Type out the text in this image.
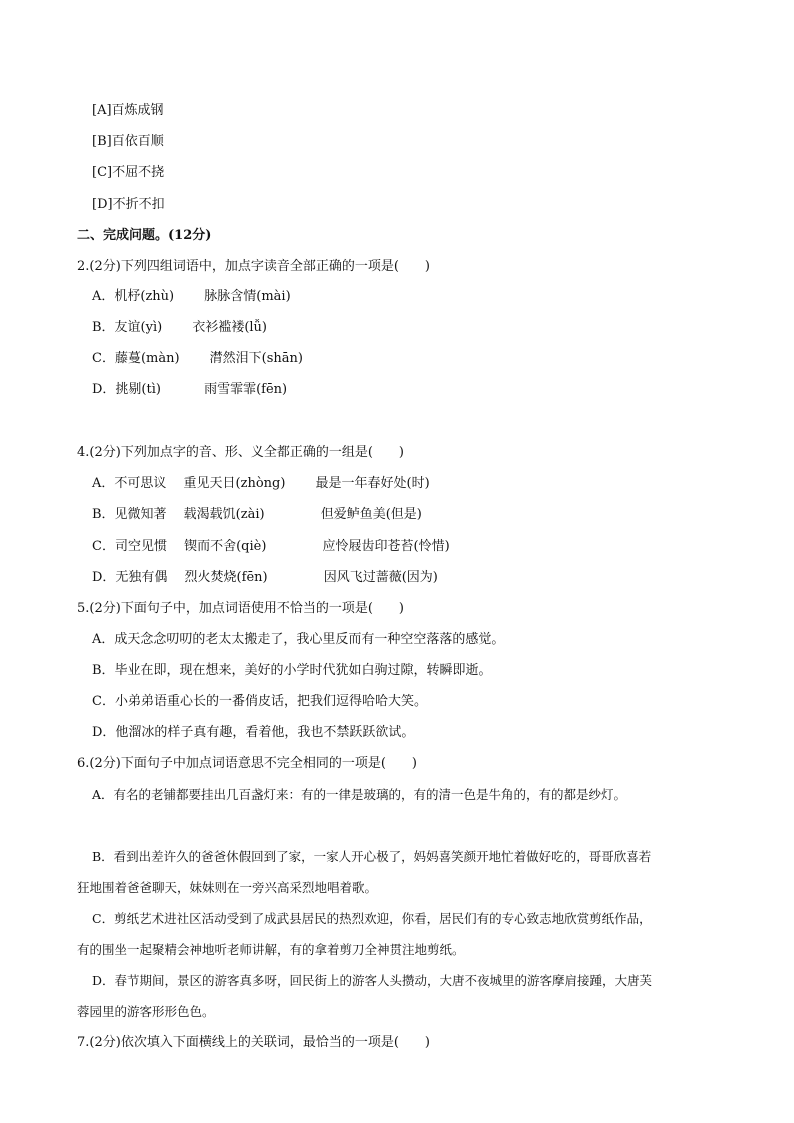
[A]百炼成钢
[B]百依百顺
[C]不屈不挠
[D]不折不扣
二、完成问题。(12分)
2.(2分)下列四组词语中，加点字读音全部正确的一项是(　　)
A．机杼(zhù)　　 脉脉含情(mài)
B．友谊(yì)　　 衣衫褴褛(lǚ)
C．藤蔓(màn)　　 潸然泪下(shān)
D．挑剔(tì)　　　 雨雪霏霏(fēn)
4.(2分)下列加点字的音、形、义全都正确的一组是(　　)
A．不可思议　 重见天日(zhòng)　　 最是一年春好处(时)
B．见微知著　 载渴载饥(zài)　　　　 但爱鲈鱼美(但是)
C．司空见惯　 锲而不舍(qiè)　　　　 应怜屐齿印苍苔(怜惜)
D．无独有偶　 烈火焚烧(fēn)　　　　 因风飞过蔷薇(因为)
5.(2分)下面句子中，加点词语使用不恰当的一项是(　　)
A．成天念念叨叨的老太太搬走了，我心里反而有一种空空落落的感觉。
B．毕业在即，现在想来，美好的小学时代犹如白驹过隙，转瞬即逝。
C．小弟弟语重心长的一番俏皮话，把我们逗得哈哈大笑。
D．他溜冰的样子真有趣，看着他，我也不禁跃跃欲试。
6.(2分)下面句子中加点词语意思不完全相同的一项是(　　)
A．有名的老铺都要挂出几百盏灯来：有的一律是玻璃的，有的清一色是牛角的，有的都是纱灯。
B．看到出差许久的爸爸休假回到了家，一家人开心极了，妈妈喜笑颜开地忙着做好吃的，哥哥欣喜若
狂地围着爸爸聊天，妹妹则在一旁兴高采烈地唱着歌。
C．剪纸艺术进社区活动受到了成武县居民的热烈欢迎，你看，居民们有的专心致志地欣赏剪纸作品，
有的围坐一起聚精会神地听老师讲解，有的拿着剪刀全神贯注地剪纸。
D．春节期间，景区的游客真多呀，回民街上的游客人头攒动，大唐不夜城里的游客摩肩接踵，大唐芙
蓉园里的游客形形色色。
7.(2分)依次填入下面横线上的关联词，最恰当的一项是(　　)
